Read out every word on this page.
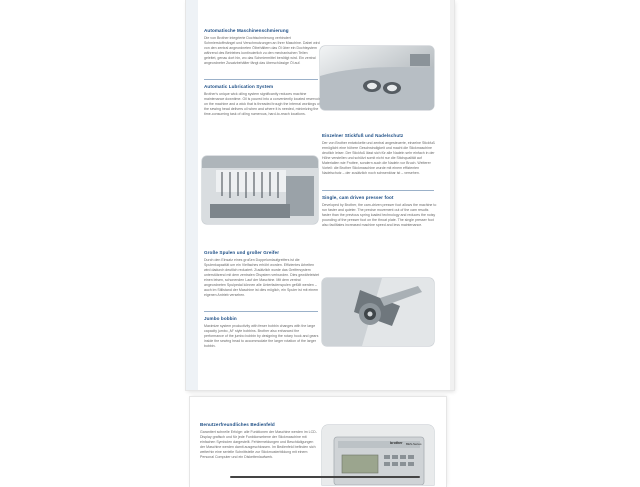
Automatische Maschinenschmierung
Die von Brother integrierte Dochtschmierung verhindert Schmierstoffmängel und Verschmutzungen an Ihrer Maschine. Dabei wird von den zentral angeordneten Ölbehältern das Öl über ein Dochtsystem während des Betriebes kontinuierlich zu den mechanischen Teilen geleitet, genau dort hin, wo das Schmiermittel benötigt wird. Ein zentral angeordneter Zusatzbehälter fängt das überschüssige Öl auf.
Automatic Lubrication System
Brother's unique wick oiling system significantly reduces machine maintenance downtime. Oil is poured into a conveniently located reservoir on the machine and a wick that is threaded trough the internal workings of the sewing head delivers oil when and where it is needed, minimizing the time-consuming task of oiling numerous, hard-to-reach locations.
Einzelner Stickfuß und Nadelschutz
Der von Brother entwickelte und zentral angesteuerte, einzelne Stickfuß ermöglicht eine höhere Geschwindigkeit und macht die Stickmaschine deutlich leiser. Der Stickfuß lässt sich für alle Nadeln sehr einfach in der Höhe verstellen und schützt somit nicht nur die Stichqualität auf Materialien wie Frottee, sondern auch die Nadeln vor Bruch. Weiterer Vorteil: die Brother Stickmaschine wurde mit einem effizienten Nadelschutz – der zusätzlich noch schwenkbar ist – versehen.
Single, cam driven presser foot
Developed by Brother, the cam-driven presser foot allows the machine to run faster and quieter. The precise movement out of the cam results faster than the previous spring loaded technology and reduces the noisy pounding of the presser foot on the throat plate. The single presser foot also facilitates increased machine speed and less maintenance.
Große Spulen und großer Greifer
Durch den Einsatz eines großen Doppelumlaufgreifers ist die Spulenkapazität um ein Vielfaches erhöht worden. Effizientes Arbeiten wird dadurch deutlich reduziert. Zusätzlich wurde das Greifersystem unterstützend mit dem zentralen Ölsystem verbunden. Dies gewährleistet einen leisen, schonenden Lauf der Maschine. Mit dem zentral angeordneten Spulpedal können alle Unterfadenspulen gefüllt werden – auch im Stillstand der Maschine ist dies möglich, ein Spuler ist mit einem eigenen Antrieb versehen.
Jumbo bobbin
Maximize system productivity with fewer bobbin changes with the large capacity jumbo „M“ style bobbins. Brother also enhanced the performance of the jumbo bobbin by designing the rotary hook and gears inside the sewing head to accommodate the larger rotation of the larger bobbin.
Benutzerfreundliches Bedienfeld
Garantiert schnelle Erfolge: alle Funktionen der Maschine werden im LCD-Display grafisch und für jede Funktionsebene der Stickmaschine mit einfachen Symbolen dargestellt. Fehlermeldungen und Beschädigungen der Maschine werden damit ausgeschlossen. Im Bedienfeld befinden sich weiterhin eine serielle Schnittstelle zur Stickmusterbildung mit einem Personal Computer und ein Diskettenlaufwerk.
brother BES-Series
